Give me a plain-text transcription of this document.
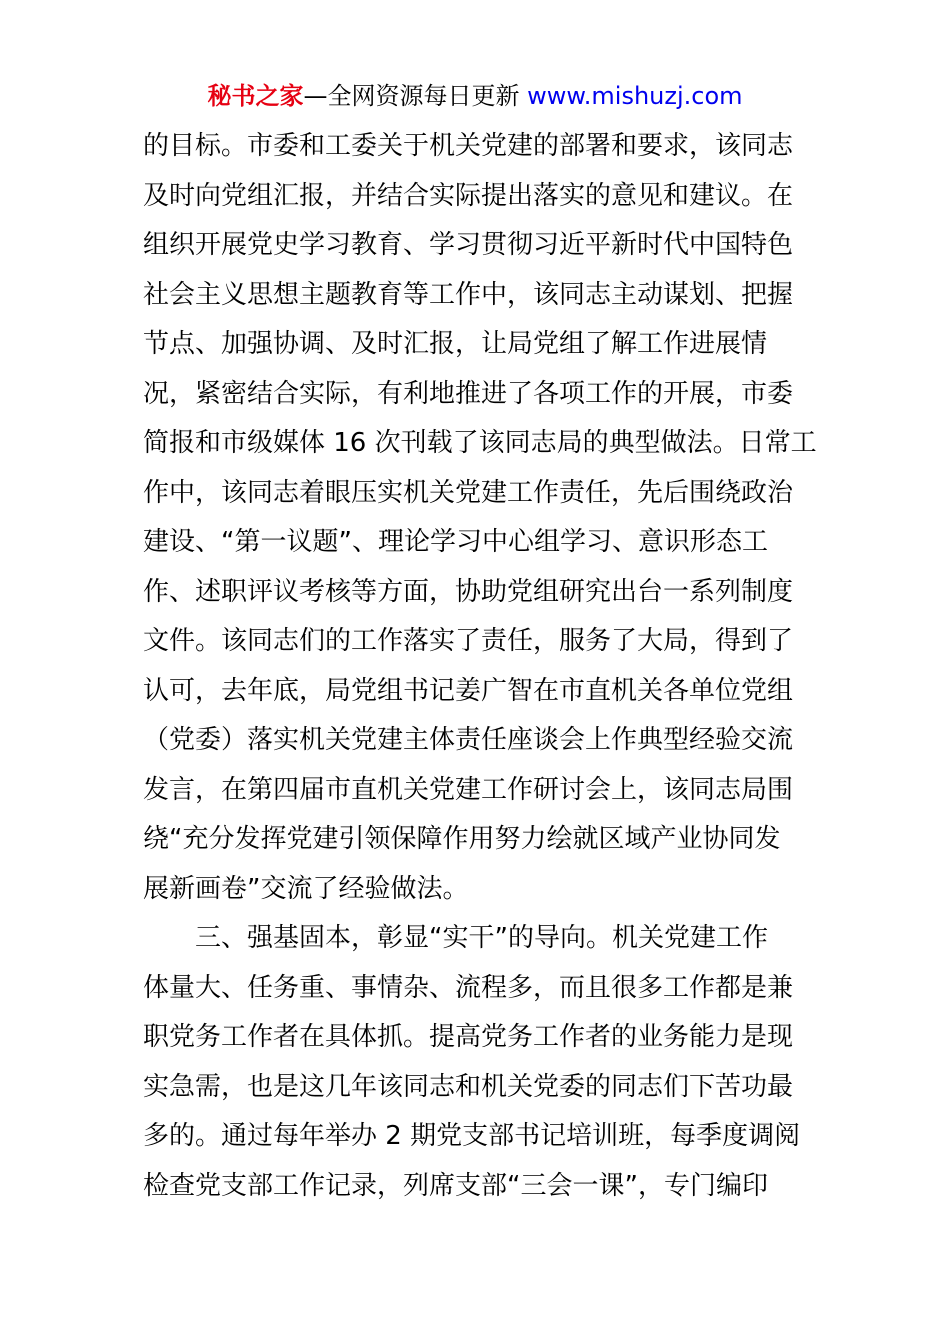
秘书之家—全网资源每日更新 www.mishuzj.com
的目标。市委和工委关于机关党建的部署和要求，该同志
及时向党组汇报，并结合实际提出落实的意见和建议。在
组织开展党史学习教育、学习贯彻习近平新时代中国特色
社会主义思想主题教育等工作中，该同志主动谋划、把握
节点、加强协调、及时汇报，让局党组了解工作进展情
况，紧密结合实际，有利地推进了各项工作的开展，市委
简报和市级媒体 16 次刊载了该同志局的典型做法。日常工
作中，该同志着眼压实机关党建工作责任，先后围绕政治
建设、“第一议题”、理论学习中心组学习、意识形态工
作、述职评议考核等方面，协助党组研究出台一系列制度
文件。该同志们的工作落实了责任，服务了大局，得到了
认可，去年底，局党组书记姜广智在市直机关各单位党组
（党委）落实机关党建主体责任座谈会上作典型经验交流
发言，在第四届市直机关党建工作研讨会上，该同志局围
绕“充分发挥党建引领保障作用努力绘就区域产业协同发
展新画卷”交流了经验做法。
三、强基固本，彰显“实干”的导向。机关党建工作
体量大、任务重、事情杂、流程多，而且很多工作都是兼
职党务工作者在具体抓。提高党务工作者的业务能力是现
实急需，也是这几年该同志和机关党委的同志们下苦功最
多的。通过每年举办 2 期党支部书记培训班，每季度调阅
检查党支部工作记录，列席支部“三会一课”，专门编印
